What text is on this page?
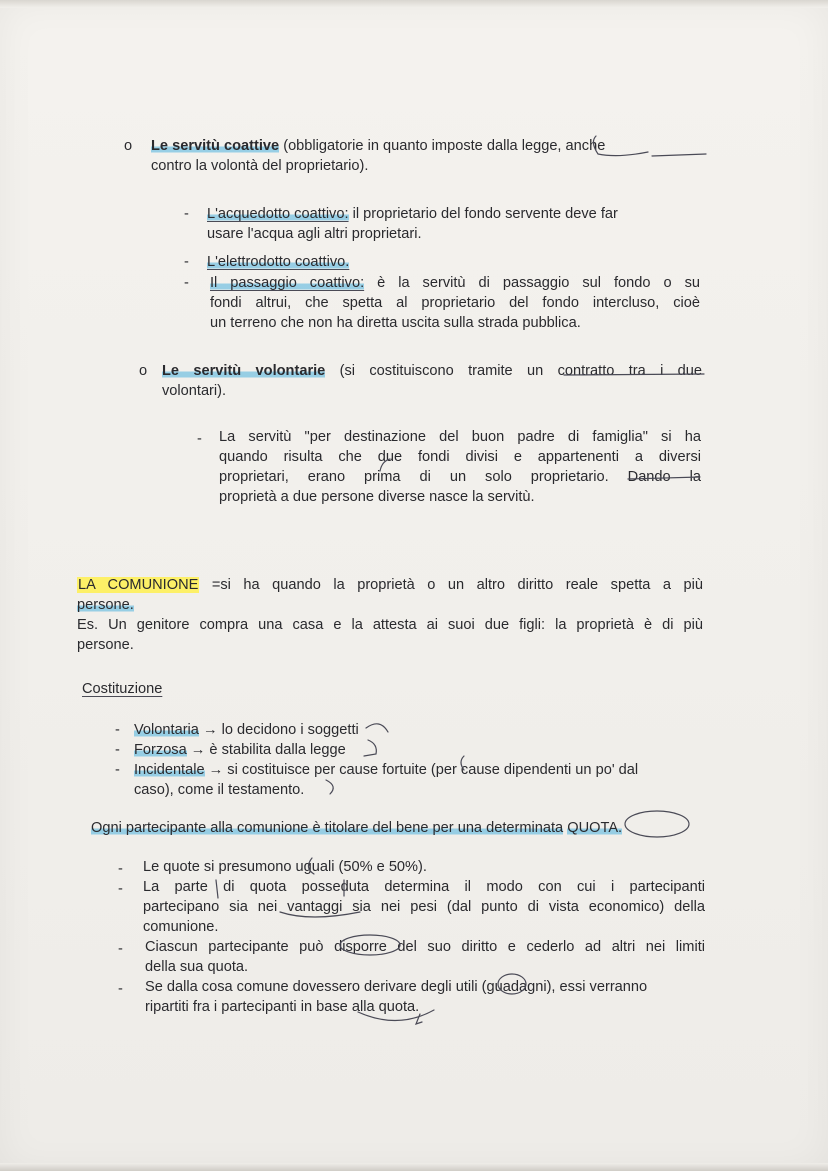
o Le servitù coattive (obbligatorie in quanto imposte dalla legge, anche
contro la volontà del proprietario).
- L'acquedotto coattivo: il proprietario del fondo servente deve far
usare l'acqua agli altri proprietari.
- L'elettrodotto coattivo.
- Il passaggio coattivo: è la servitù di passaggio sul fondo o su
fondi altrui, che spetta al proprietario del fondo intercluso, cioè
un terreno che non ha diretta uscita sulla strada pubblica.
o Le servitù volontarie (si costituiscono tramite un contratto tra i due
volontari).
- La servitù "per destinazione del buon padre di famiglia" si ha
quando risulta che due fondi divisi e appartenenti a diversi
proprietari, erano prima di un solo proprietario. Dando la
proprietà a due persone diverse nasce la servitù.
LA COMUNIONE =si ha quando la proprietà o un altro diritto reale spetta a più
persone.
Es. Un genitore compra una casa e la attesta ai suoi due figli: la proprietà è di più
persone.
Costituzione
- Volontaria → lo decidono i soggetti
- Forzosa → è stabilita dalla legge
- Incidentale → si costituisce per cause fortuite (per cause dipendenti un po' dal
caso), come il testamento.
Ogni partecipante alla comunione è titolare del bene per una determinata QUOTA.
- Le quote si presumono uguali (50% e 50%).
- La parte di quota posseduta determina il modo con cui i partecipanti
partecipano sia nei vantaggi sia nei pesi (dal punto di vista economico) della
comunione.
- Ciascun partecipante può disporre del suo diritto e cederlo ad altri nei limiti
della sua quota.
- Se dalla cosa comune dovessero derivare degli utili (guadagni), essi verranno
ripartiti fra i partecipanti in base alla quota.
